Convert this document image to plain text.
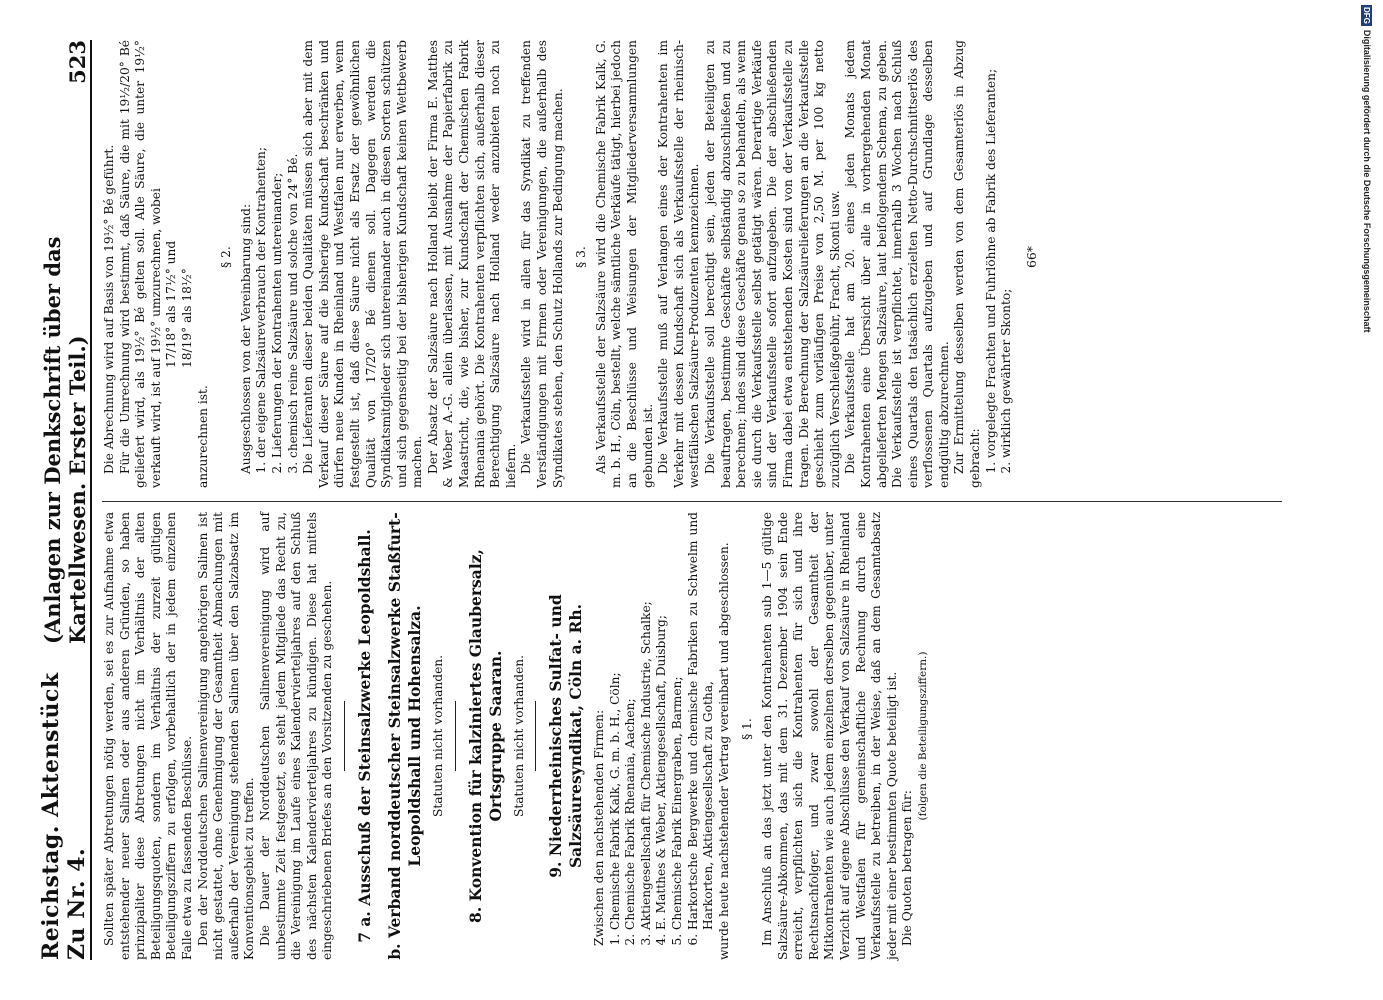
Reichstag. Aktenstück Zu Nr. 4.
(Anlagen zur Denkschrift über das Kartellwesen. Erster Teil.)
523

Sollten später Abtretungen nötig werden, sei es zur Aufnahme etwa entstehender neuer Salinen oder aus anderen Gründen, so haben prinzipaliter diese Abtretungen nicht im Verhältnis der alten Beteiligungsquoten, sondern im Verhältnis der zurzeit gültigen Beteiligungsziffern zu erfolgen, vorbehaltlich der in jedem einzelnen Falle etwa zu fassenden Beschlüsse. Den der Norddeutschen Salinenvereinigung angehörigen Salinen ist nicht gestattet, ohne Genehmigung der Gesamtheit Abmachungen mit außerhalb der Vereinigung stehenden Salinen über den Salzabsatz im Konventionsgebiet zu treffen. Die Dauer der Norddeutschen Salinenvereinigung wird auf unbestimmte Zeit festgesetzt, es steht jedem Mitgliede das Recht zu, die Vereinigung im Laufe eines Kalendervierteljahres auf den Schluß des nächsten Kalendervierteljahres zu kündigen. Diese hat mittels eingeschriebenen Briefes an den Vorsitzenden zu geschehen. 7 a. Ausschuß der Steinsalzwerke Leopoldshall. b. Verband norddeutscher Steinsalzwerke Staßfurt-Leopoldshall und Hohensalza. Statuten nicht vorhanden. 8. Konvention für kalziniertes Glaubersalz, Ortsgruppe Saaran. Statuten nicht vorhanden. 9. Niederrheinisches Sulfat- und Salzsäuresyndikat, Cöln a. Rh. Zwischen den nachstehenden Firmen: 1. Chemische Fabrik Kalk, G. m. b. H., Cöln; 2. Chemische Fabrik Rhenania, Aachen; 3. Aktiengesellschaft für Chemische Industrie, Schalke; 4. E. Matthes & Weber, Aktiengesellschaft, Duisburg; 5. Chemische Fabrik Einergraben, Barmen; 6. Harkortsche Bergwerke und chemische Fabriken zu Schwelm und Harkorten, Aktiengesellschaft zu Gotha, wurde heute nachstehender Vertrag vereinbart und abgeschlossen. § 1. Im Anschluß an das jetzt unter den Kontrahenten sub 1—5 gültige Salzsäure-Abkommen, das mit dem 31. Dezember 1904 sein Ende erreicht, verpflichten sich die Kontrahenten für sich und ihre Rechtsnachfolger, und zwar sowohl der Gesamtheit der Mitkontrahenten wie auch jedem einzelnen derselben gegenüber, unter Verzicht auf eigene Abschlüsse den Verkauf von Salzsäure in Rheinland und Westfalen für gemeinschaftliche Rechnung durch eine Verkaufsstelle zu betreiben, in der Weise, daß an dem Gesamtabsatz jeder mit einer bestimmten Quote beteiligt ist. Die Quoten betragen für:

(folgen die Beteiligungsziffern.)

Die Abrechnung wird auf Basis von 19½° Bé geführt. Für die Umrechnung wird bestimmt, daß Säure, die mit 19½/20° Bé geliefert wird, als 19½° Bé gelten soll. Alle Säure, die unter 19½° verkauft wird, ist auf 19½° umzurechnen, wobei 17/18° als 17½° und 18/19° als 18½°

anzurechnen ist.

§ 2. Ausgeschlossen von der Vereinbarung sind: 1. der eigene Salzsäureverbrauch der Kontrahenten; 2. Lieferungen der Kontrahenten untereinander; 3. chemisch reine Salzsäure und solche von 24° Bé. Die Lieferanten dieser beiden Qualitäten müssen sich aber mit dem Verkauf dieser Säure auf die bisherige Kundschaft beschränken und dürfen neue Kunden in Rheinland und Westfalen nur erwerben, wenn festgestellt ist, daß diese Säure nicht als Ersatz der gewöhnlichen Qualität von 17/20° Bé dienen soll. Dagegen werden die Syndikatsmitglieder sich untereinander auch in diesen Sorten schützen und sich gegenseitig bei der bisherigen Kundschaft keinen Wettbewerb machen. Der Absatz der Salzsäure nach Holland bleibt der Firma E. Matthes & Weber A.-G. allein überlassen, mit Ausnahme der Papierfabrik zu Maastricht, die, wie bisher, zur Kundschaft der Chemischen Fabrik Rhenania gehört. Die Kontrahenten verpflichten sich, außerhalb dieser Berechtigung Salzsäure nach Holland weder anzubieten noch zu liefern. Die Verkaufsstelle wird in allen für das Syndikat zu treffenden Verständigungen mit Firmen oder Vereinigungen, die außerhalb des Syndikates stehen, den Schutz Hollands zur Bedingung machen. § 3. Als Verkaufsstelle der Salzsäure wird die Chemische Fabrik Kalk, G. m. b. H., Cöln, bestellt, welche sämtliche Verkäufe tätigt, hierbei jedoch an die Beschlüsse und Weisungen der Mitgliederversammlungen gebunden ist. Die Verkaufsstelle muß auf Verlangen eines der Kontrahenten im Verkehr mit dessen Kundschaft sich als Verkaufsstelle der rheinisch-westfälischen Salzsäure-Produzenten kennzeichnen. Die Verkaufsstelle soll berechtigt sein, jeden der Beteiligten zu beauftragen, bestimmte Geschäfte selbständig abzuschließen und zu berechnen; indes sind diese Geschäfte genau so zu behandeln, als wenn sie durch die Verkaufsstelle selbst getätigt wären. Derartige Verkäufe sind der Verkaufsstelle sofort aufzugeben. Die der abschließenden Firma dabei etwa entstehenden Kosten sind von der Verkaufsstelle zu tragen. Die Berechnung der Salzsäurelieferungen an die Verkaufsstelle geschieht zum vorläufigen Preise von 2,50 M. per 100 kg netto zuzüglich Verschleißgebühr, Fracht, Skonti usw. Die Verkaufsstelle hat am 20. eines jeden Monats jedem Kontrahenten eine Übersicht über alle in vorhergehenden Monat abgelieferten Mengen Salzsäure, laut beifolgendem Schema, zu geben. Die Verkaufsstelle ist verpflichtet, innerhalb 3 Wochen nach Schluß eines Quartals den tatsächlich erzielten Netto-Durchschnittserlös des verflossenen Quartals aufzugeben und auf Grundlage desselben endgültig abzurechnen. Zur Ermittelung desselben werden von dem Gesamterlös in Abzug gebracht:

1. vorgelegte Frachten und Fuhrlöhne ab Fabrik des Lieferanten; 2. wirklich gewährter Skonto;

66*

DFGDigitalisierung gefördert durch die Deutsche Forschungsgemeinschaft
